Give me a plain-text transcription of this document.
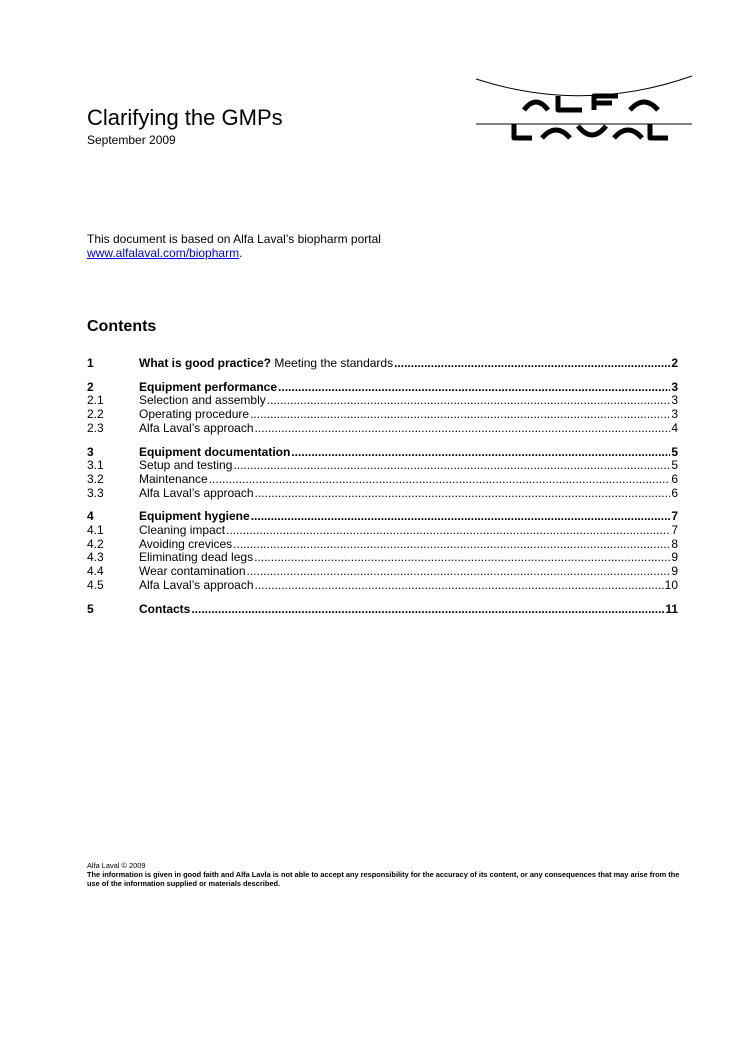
Clarifying the GMPs
September 2009
This document is based on Alfa Laval’s biopharm portal
www.alfalaval.com/biopharm.
Contents
1	What is good practice? Meeting the standards .....	2
2	Equipment performance .....	3
2.1	Selection and assembly .....	3
2.2	Operating procedure .....	3
2.3	Alfa Laval’s approach .....	4
3	Equipment documentation .....	5
3.1	Setup and testing .....	5
3.2	Maintenance .....	6
3.3	Alfa Laval’s approach .....	6
4	Equipment hygiene .....	7
4.1	Cleaning impact .....	7
4.2	Avoiding crevices .....	8
4.3	Eliminating dead legs .....	9
4.4	Wear contamination .....	9
4.5	Alfa Laval’s approach .....	10
5	Contacts .....	11
Alfa Laval © 2009
The information is given in good faith and Alfa Lavla is not able to accept any responsibility for the accuracy of its content, or any consequences that may arise from the use of the information supplied or materials described.
